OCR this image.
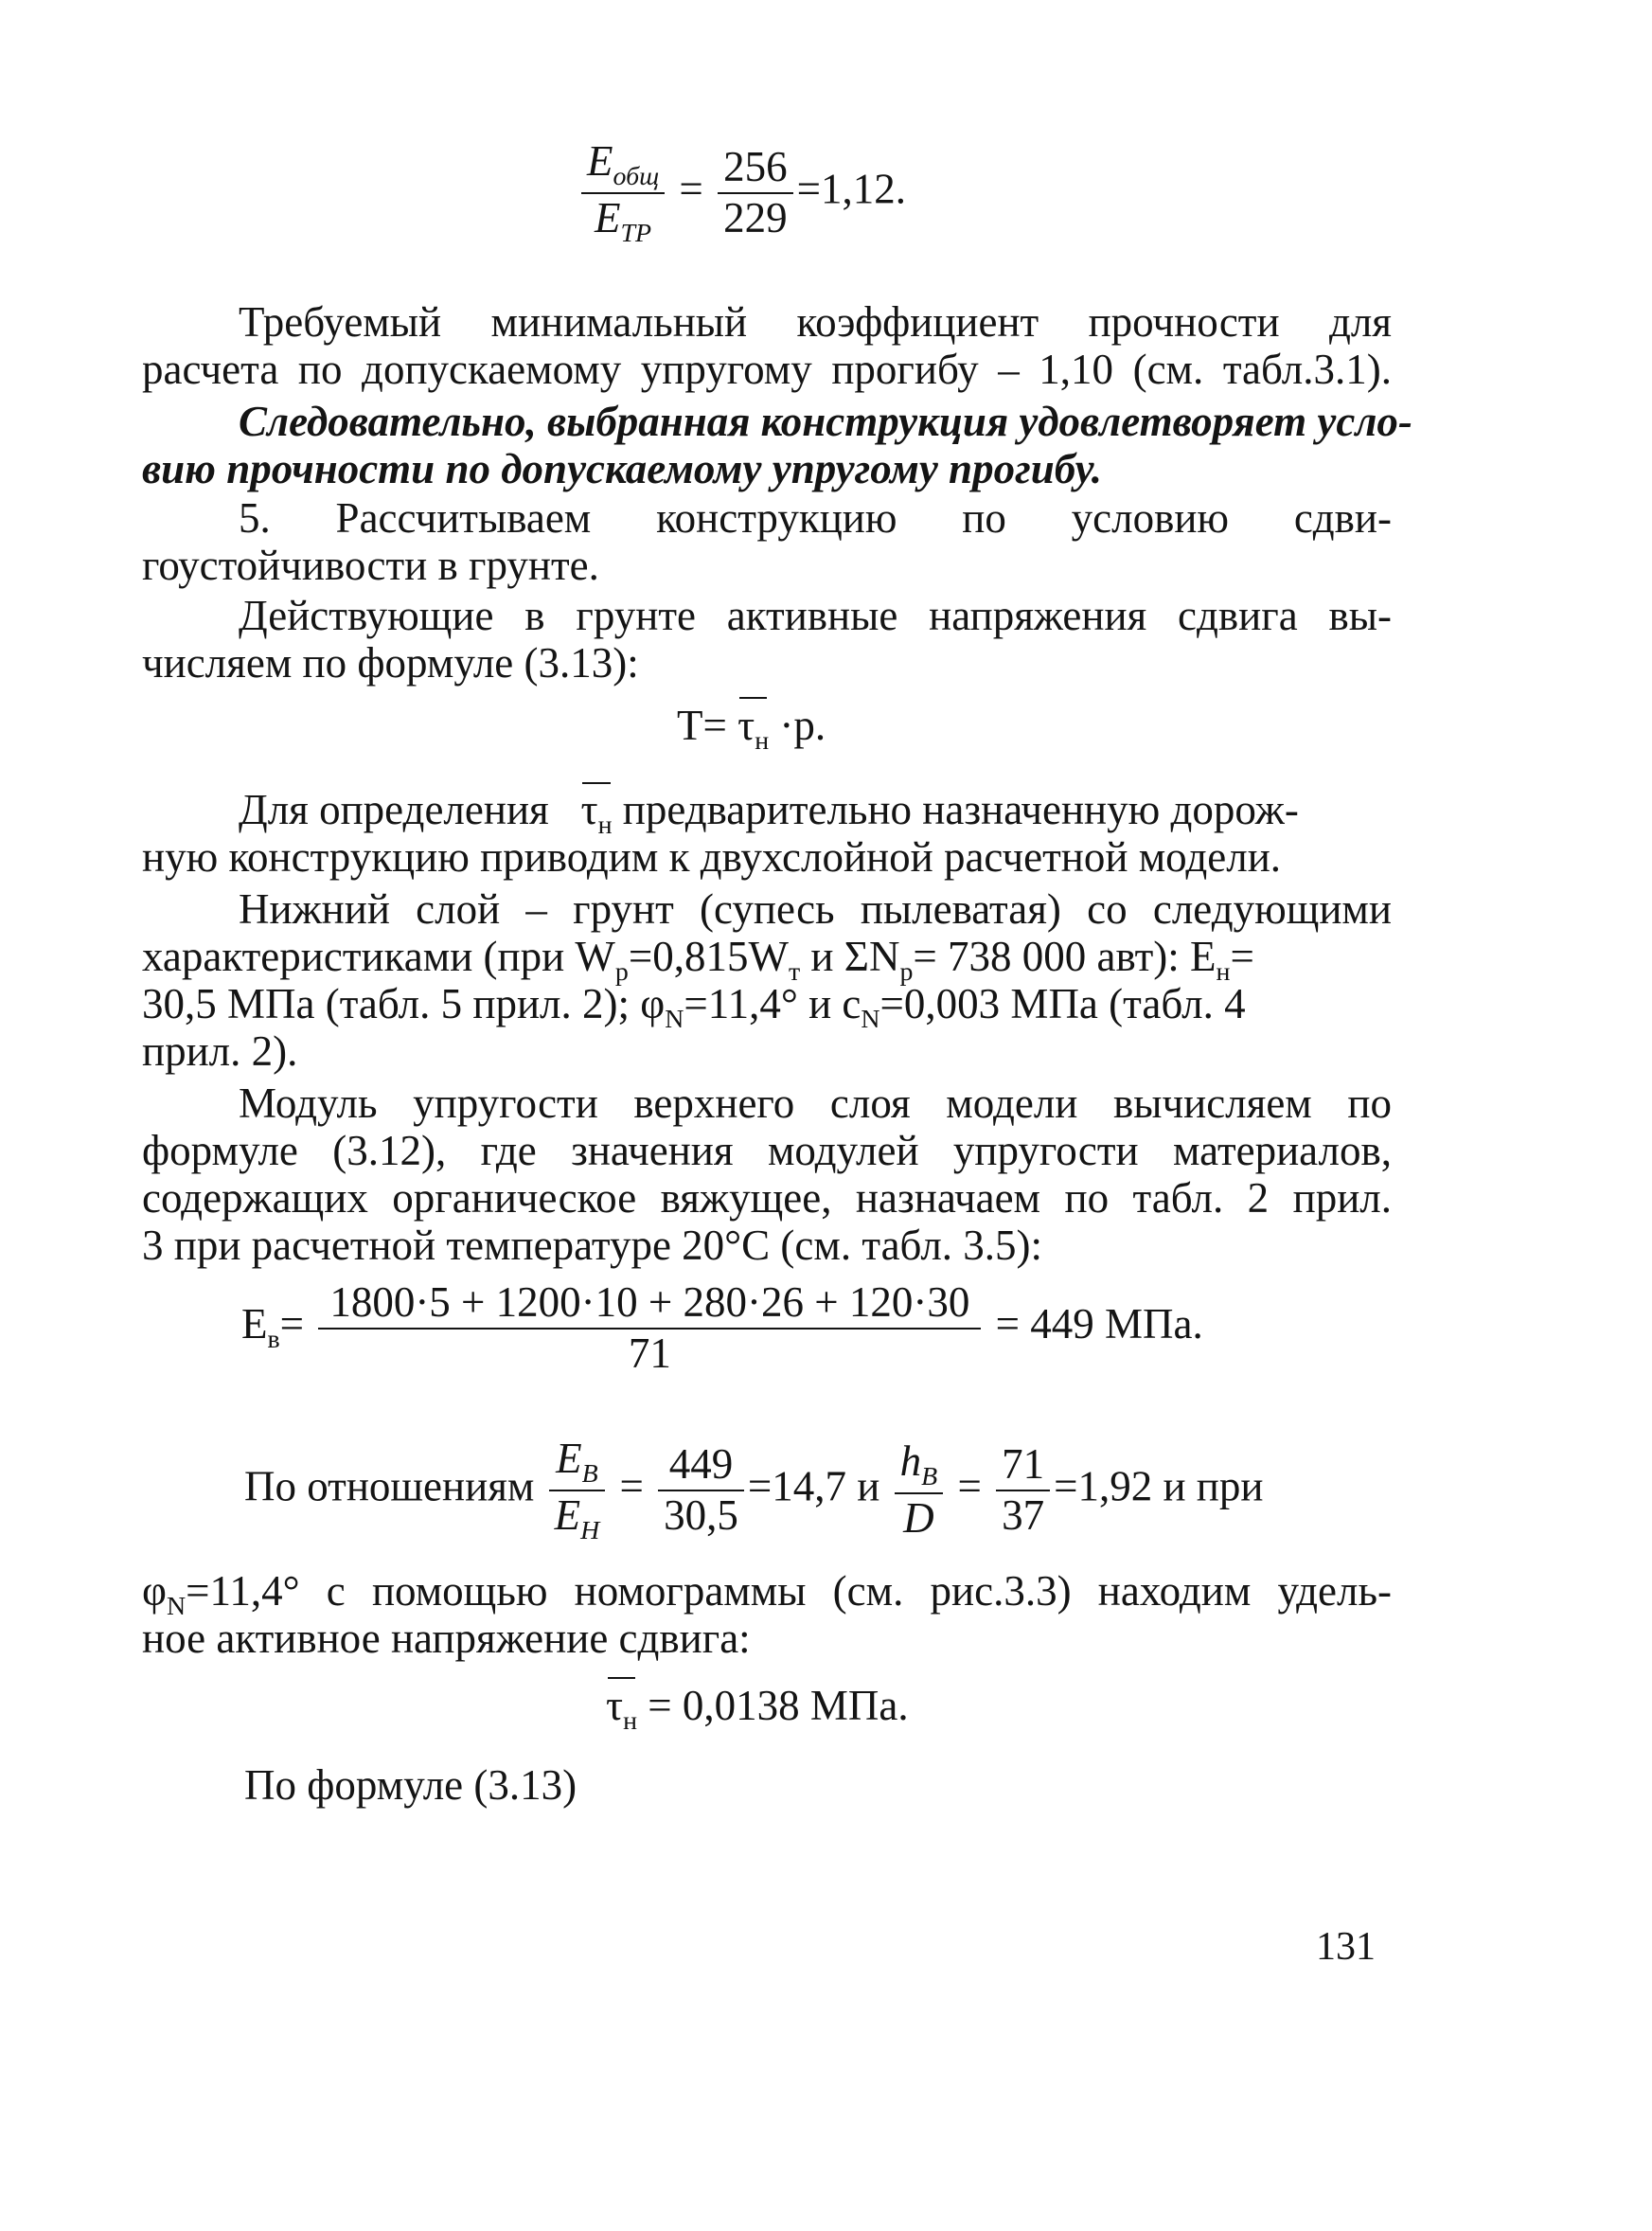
$\frac{E_{общ}}{E_{ТР}} = \frac{256}{229} =1,12$.
Требуемый минимальный коэффициент прочности для
расчета по допускаемому упругому прогибу – 1,10 (см. табл.3.1).
Следовательно, выбранная конструкция удовлетворяет усло-
вию прочности по допускаемому упругому прогибу.
5. Рассчитываем конструкцию по условию сдви-
гоустойчивости в грунте.
Действующие в грунте активные напряжения сдвига вы-
числяем по формуле (3.13):
$T= \tau_н \cdot p$.
Для определения $\tau_н$ предварительно назначенную дорож-
ную конструкцию приводим к двухслойной расчетной модели.
Нижний слой – грунт (супесь пылеватая) со следующими
характеристиками (при $W_p=0,815W_т$ и $\Sigma N_p= 738$ 000 авт): $E_н=$
30,5 МПа (табл. 5 прил. 2); $\varphi_N=11,4^\circ$ и $c_N=0,003$ МПа (табл. 4
прил. 2).
Модуль упругости верхнего слоя модели вычисляем по
формуле (3.12), где значения модулей упругости материалов,
содержащих органическое вяжущее, назначаем по табл. 2 прил.
3 при расчетной температуре 20°C (см. табл. 3.5):
$E_в= \frac{1800\cdot 5 + 1200\cdot 10 + 280\cdot 26 + 120\cdot 30}{71} = 449$ МПа.
По отношениям $\frac{E_B}{E_H} = \frac{449}{30,5} =14,7$ и $\frac{h_B}{D} = \frac{71}{37} =1,92$ и при
$\varphi_N=11,4^\circ$ с помощью номограммы (см. рис.3.3) находим удель-
ное активное напряжение сдвига:
$\tau_н = 0,0138$ МПа.
По формуле (3.13)
131
